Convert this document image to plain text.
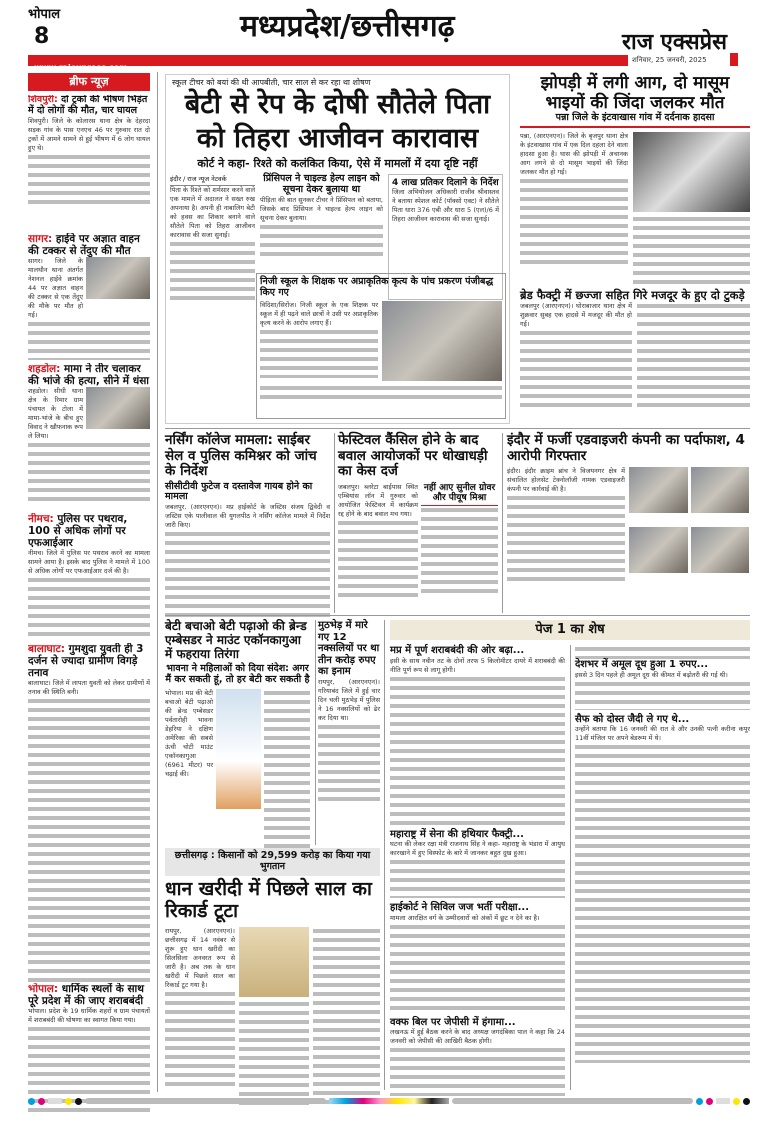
भोपाल
8	मध्यप्रदेश/छत्तीसगढ़	राज एक्सप्रेस
www.rajexpress.com
शनिवार, 25 जनवरी, 2025
ब्रीफ न्यूज़
शिवपुरी: दो ट्रकों की भीषण भिड़ंत में दो लोगों की मौत, चार घायल
शिवपुरी। जिले के कोलारस थाना क्षेत्र के देहरदा सड़क गांव के पास एनएच 46 पर गुरुवार रात दो ट्रकों में आमने सामने से हुई भीषण में 6 लोग घायल हुए थे।
सागर: हाईवे पर अज्ञात वाहन की टक्कर से तेंदुए की मौत
सागर। जिले के मालथौन थाना अंतर्गत नेशनल हाईवे क्रमांक 44 पर अज्ञात वाहन की टक्कर से एक तेंदुए की मौके पर मौत हो गई।
शहडोल: मामा ने तीर चलाकर की भांजे की हत्या, सीने में धंसा
शहडोल। सीधी थाना क्षेत्र के रिमार ग्राम पंचायत के टोला में मामा-भांजे के बीच हुए विवाद ने खौफनाक रूप ले लिया।
नीमच: पुलिस पर पथराव, 100 से अधिक लोगों पर एफआईआर
नीमच। जिले में पुलिस पर पथराव करने का मामला सामने आया है। इसके बाद पुलिस ने मामले में 100 से अधिक लोगों पर एफआईआर दर्ज की है।
बालाघाट: गुमशुदा युवती ही 3 दर्जन से ज्यादा ग्रामीण विगड़े तनाव
बालाघाट। जिले में लापता युवती को लेकर ग्रामीणों में तनाव की स्थिति बनी।
भोपाल: धार्मिक स्थलों के साथ पूरे प्रदेश में की जाए शराबबंदी
भोपाल। प्रदेश के 19 धार्मिक शहरों व ग्राम पंचायतों में शराबबंदी की घोषणा का स्वागत किया गया।
स्कूल टीचर को बयां की थी आपबीती, चार साल से कर रहा था शोषण
बेटी से रेप के दोषी सौतेले पिता को तिहरा आजीवन कारावास
कोर्ट ने कहा- रिश्ते को कलंकित किया, ऐसे में मामलों में दया दृष्टि नहीं
इंदौर / राज न्यूज नेटवर्क
पिता के रिश्ते को शर्मसार करने वाले एक मामले में अदालत ने सख्त रुख अपनाया है। अपनी ही नाबालिग बेटी को हवस का शिकार बनाने वाले सौतेले पिता को तिहरा आजीवन कारावास की सजा सुनाई।
प्रिंसिपल ने चाइल्ड हेल्प लाइन को सूचना देकर बुलाया था
पीड़िता की बात सुनकर टीचर ने प्रिंसिपल को बताया, जिसके बाद प्रिंसिपल ने चाइल्ड हेल्प लाइन को सूचना देकर बुलाया।
4 लाख प्रतिकर दिलाने के निर्देश
जिला अभियोजन अधिकारी राजीव श्रीवास्तव ने बताया स्पेशल कोर्ट (पॉक्सो एक्ट) ने सौतेले पिता धारा 376 एबी और धारा 5 (एल)/6 में तिहरा आजीवन कारावास की सजा सुनाई।
निजी स्कूल के शिक्षक पर अप्राकृतिक कृत्य के पांच प्रकरण पंजीबद्ध किए गए
विदिशा/सिरोंज। निजी स्कूल के एक शिक्षक पर स्कूल में ही पढ़ने वाले छात्रों ने उसी पर अप्राकृतिक कृत्य करने के आरोप लगाए हैं।
झोपड़ी में लगी आग, दो मासूम भाइयों की जिंदा जलकर मौत
पन्ना जिले के इंटवाखास गांव में दर्दनाक हादसा
पन्ना, (आरएनएन)। जिले के बृजपुर थाना क्षेत्र के इंटवाखास गांव में एक दिल दहला देने वाला हादसा हुआ है। घास की झोपड़ी में अचानक आग लगने से दो मासूम भाइयों की जिंदा जलकर मौत हो गई।
ब्रेड फैक्ट्री में छज्जा सहित गिरे मजदूर के हुए दो टुकड़े
जबलपुर (आरएनएन)। घोराबाजार थाना क्षेत्र में शुक्रवार सुबह एक हादसे में मजदूर की मौत हो गई।
नर्सिंग कॉलेज मामला: साईबर सेल व पुलिस कमिश्नर को जांच के निर्देश
सीसीटीवी फुटेज व दस्तावेज गायब होने का मामला
जबलपुर, (आरएनएन)। मप्र हाईकोर्ट के जस्टिस संजय द्विवेदी व जस्टिस एके पालीवाल की युगलपीठ ने नर्सिंग कॉलेज मामले में निर्देश जारी किए।
फेस्टिवल कैंसिल होने के बाद बवाल आयोजकों पर धोखाधड़ी का केस दर्ज
जबलपुर। ब्लरेटा बाईपास स्थित एम्बियांस लॉन में गुरुवार को आयोजित फेस्टिवल में कार्यक्रम रद्द होने के बाद बवाल मच गया।
नहीं आए सुनील ग्रोवर और पीयूष मिश्रा
इंदौर में फर्जी एडवाइजरी कंपनी का पर्दाफाश, 4 आरोपी गिरफ्तार
इंदौर। इंदौर क्राइम ब्रांच ने विजयनगर क्षेत्र में संचालित होलसेट टेक्नोलॉजी नामक एडवाइजरी कंपनी पर कार्रवाई की है।
बेटी बचाओ बेटी पढ़ाओ की ब्रेन्ड एम्बेसडर ने माउंट एकॉनकागुआ में फहराया तिरंगा
भावना ने महिलाओं को दिया संदेश: अगर मैं कर सकती हूं, तो हर बेटी कर सकती है
भोपाल। मप्र की बेटी बचाओ बेटी पढ़ाओ की ब्रेन्ड एम्बेसडर पर्वतारोही भावना डेहरिया ने दक्षिण अमेरिका की सबसे ऊंची चोटी माउंट एकॉनकागुआ (6961 मीटर) पर चढ़ाई की।
मुठभेड़ में मारे गए 12 नक्सलियों पर था तीन करोड़ रुपए का इनाम
रायपुर, (आरएनएन)। गरियाबंद जिले में हुई चार दिन चली मुठभेड़ में पुलिस ने 16 नक्सलियों को ढेर कर दिया था।
पेज 1 का शेष
मप्र में पूर्ण शराबबंदी की ओर बढ़ा...
इसी के साथ नवीन तट के दोनों तरफ 5 किलोमीटर दायरे में शराबबंदी की नीति पूर्ण रूप से लागू होगी।
महाराष्ट्र में सेना की हथियार फैक्ट्री...
घटना की लेकर रक्षा मंत्री राजनाथ सिंह ने कहा- महाराष्ट्र के भंडारा में आयुध कारखाने में हुए विस्फोट के बारे में जानकर बहुत दुख हुआ।
हाईकोर्ट ने सिविल जज भर्ती परीक्षा...
मामला आरक्षित वर्ग के उम्मीदवारों को अंकों में छूट न देने का है।
वक्फ बिल पर जेपीसी में हंगामा...
लखनऊ में हुई बैठक करने के बाद अध्यक्ष जगदंबिका पाल ने कहा कि 24 जनवरी को जेपीसी की आखिरी बैठक होगी।
देशभर में अमूल दूध हुआ 1 रुपए...
इससे 3 दिन पहले ही अमूल दूध की कीमत में बढ़ोतरी की गई थी।
सैफ को दोस्त जैदी ले गए थे...
उन्होंने बताया कि 16 जनवरी की रात वे और उनकी पत्नी करीना कपूर 11वीं मंजिल पर अपने बेडरूम में थे।
छत्तीसगढ़ : किसानों को 29,599 करोड़ का किया गया भुगतान
धान खरीदी में पिछले साल का रिकार्ड टूटा
रायपुर, (आरएनएन)। छत्तीसगढ़ में 14 नवंबर से शुरू हुए धान खरीदी का सिलसिला अनवरत रूप से जारी है। अब तक के धान खरीदी में पिछले साल का रिकार्ड टूट गया है।
